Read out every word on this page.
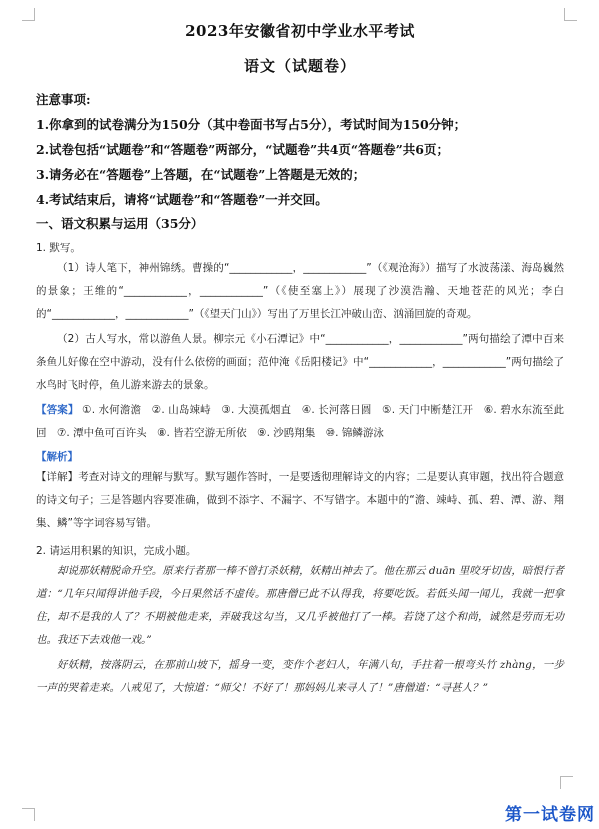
2023年安徽省初中学业水平考试
语文（试题卷）
注意事项:
1.你拿到的试卷满分为150分（其中卷面书写占5分），考试时间为150分钟；
2.试卷包括“试题卷”和“答题卷”两部分，“试题卷”共4页“答题卷”共6页；
3.请务必在“答题卷”上答题，在“试题卷”上答题是无效的；
4.考试结束后，请将“试题卷”和“答题卷”一并交回。
一、语文积累与运用（35分）
1. 默写。

（1）诗人笔下，神州锦绣。曹操的“____________，____________”（《观沧海》）描写了水波荡漾、海岛巍然的景象；王维的“____________，____________”（《使至塞上》）展现了沙漠浩瀚、天地苍茫的风光；李白的“____________，____________”（《望天门山》）写出了万里长江冲破山峦、汹涌回旋的奇观。

（2）古人写水，常以游鱼人景。柳宗元《小石潭记》中“____________，____________”两句描绘了潭中百来条鱼儿好像在空中游动，没有什么依傍的画面；范仲淹《岳阳楼记》中“____________，____________”两句描绘了水鸟时飞时停，鱼儿游来游去的景象。

【答案】 ①. 水何澹澹　②. 山岛竦峙　③. 大漠孤烟直　④. 长河落日圆　⑤. 天门中断楚江开　⑥. 碧水东流至此回　⑦. 潭中鱼可百许头　⑧. 皆若空游无所依　⑨. 沙鸥翔集　⑩. 锦鳞游泳
【解析】
【详解】考查对诗文的理解与默写。默写题作答时，一是要透彻理解诗文的内容；二是要认真审题，找出符合题意的诗文句子；三是答题内容要准确，做到不添字、不漏字、不写错字。本题中的“澹、竦峙、孤、碧、潭、游、翔集、鳞”等字词容易写错。
2. 请运用积累的知识，完成小题。

却说那妖精脱命升空。原来行者那一棒不曾打杀妖精，妖精出神去了。他在那云 duān 里咬牙切齿，暗恨行者道：“几年只闻得讲他手段，今日果然话不虚传。那唐僧已此不认得我，将要吃饭。若低头闻一闻儿，我就一把拿住，却不是我的人了？不期被他走来，弄破我这勾当，又几乎被他打了一棒。若饶了这个和尚，诚然是劳而无功也。我还下去戏他一戏。”

好妖精，按落阴云，在那前山坡下，摇身一变，变作个老妇人，年满八旬，手拄着一根弯头竹 zhàng，一步一声的哭着走来。八戒见了，大惊道：“师父！不好了！那妈妈儿来寻人了！”唐僧道：“寻甚人？”

第一试卷网
